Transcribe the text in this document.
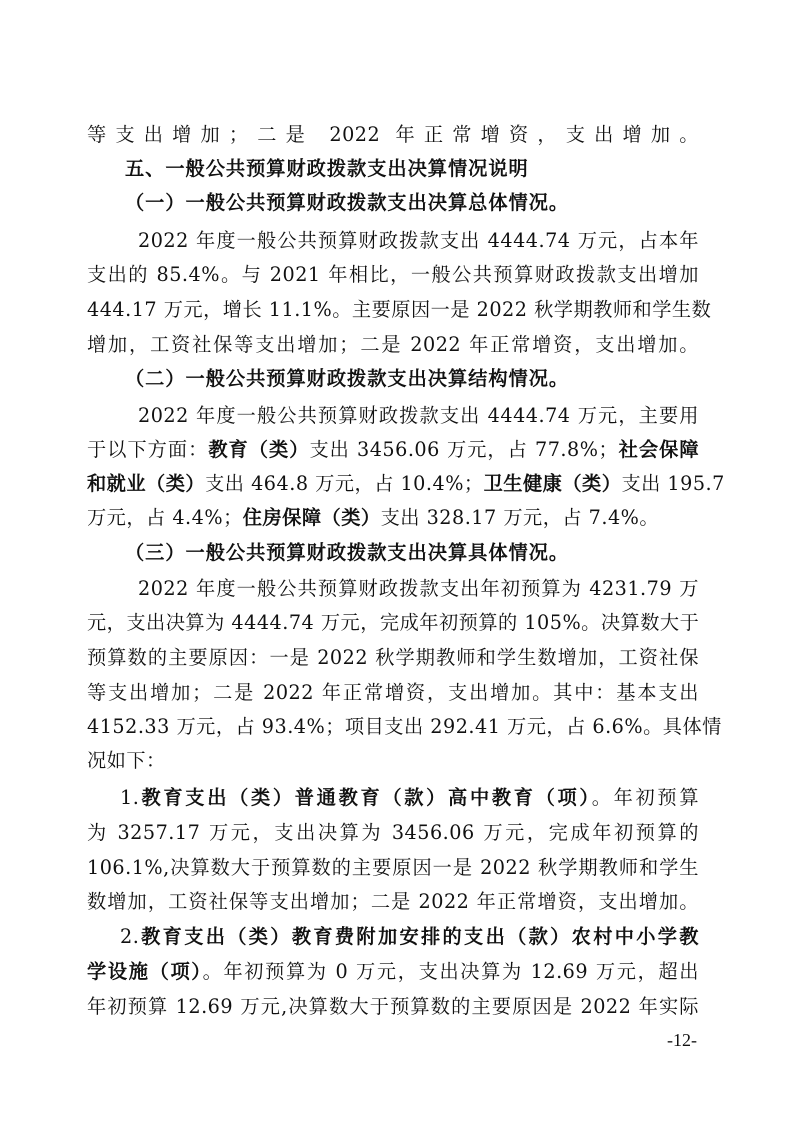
等支出增加；二是 2022 年正常增资，支出增加。
五、一般公共预算财政拨款支出决算情况说明
（一）一般公共预算财政拨款支出决算总体情况。
2022 年度一般公共预算财政拨款支出 4444.74 万元，占本年
支出的 85.4%。与 2021 年相比，一般公共预算财政拨款支出增加
444.17 万元，增长 11.1%。主要原因一是 2022 秋学期教师和学生数
增加，工资社保等支出增加；二是 2022 年正常增资，支出增加。
（二）一般公共预算财政拨款支出决算结构情况。
2022 年度一般公共预算财政拨款支出 4444.74 万元，主要用
于以下方面：教育（类）支出 3456.06 万元，占 77.8%；社会保障
和就业（类）支出 464.8 万元，占 10.4%；卫生健康（类）支出 195.7
万元，占 4.4%；住房保障（类）支出 328.17 万元，占 7.4%。
（三）一般公共预算财政拨款支出决算具体情况。
2022 年度一般公共预算财政拨款支出年初预算为 4231.79 万
元，支出决算为 4444.74 万元，完成年初预算的 105%。决算数大于
预算数的主要原因：一是 2022 秋学期教师和学生数增加，工资社保
等支出增加；二是 2022 年正常增资，支出增加。其中：基本支出
4152.33 万元，占 93.4%；项目支出 292.41 万元，占 6.6%。具体情
况如下：
1.教育支出（类）普通教育（款）高中教育（项）。年初预算
为 3257.17 万元，支出决算为 3456.06 万元，完成年初预算的
106.1%,决算数大于预算数的主要原因一是 2022 秋学期教师和学生
数增加，工资社保等支出增加；二是 2022 年正常增资，支出增加。
2.教育支出（类）教育费附加安排的支出（款）农村中小学教
学设施（项）。年初预算为 0 万元，支出决算为 12.69 万元，超出
年初预算 12.69 万元,决算数大于预算数的主要原因是 2022 年实际
-12-
